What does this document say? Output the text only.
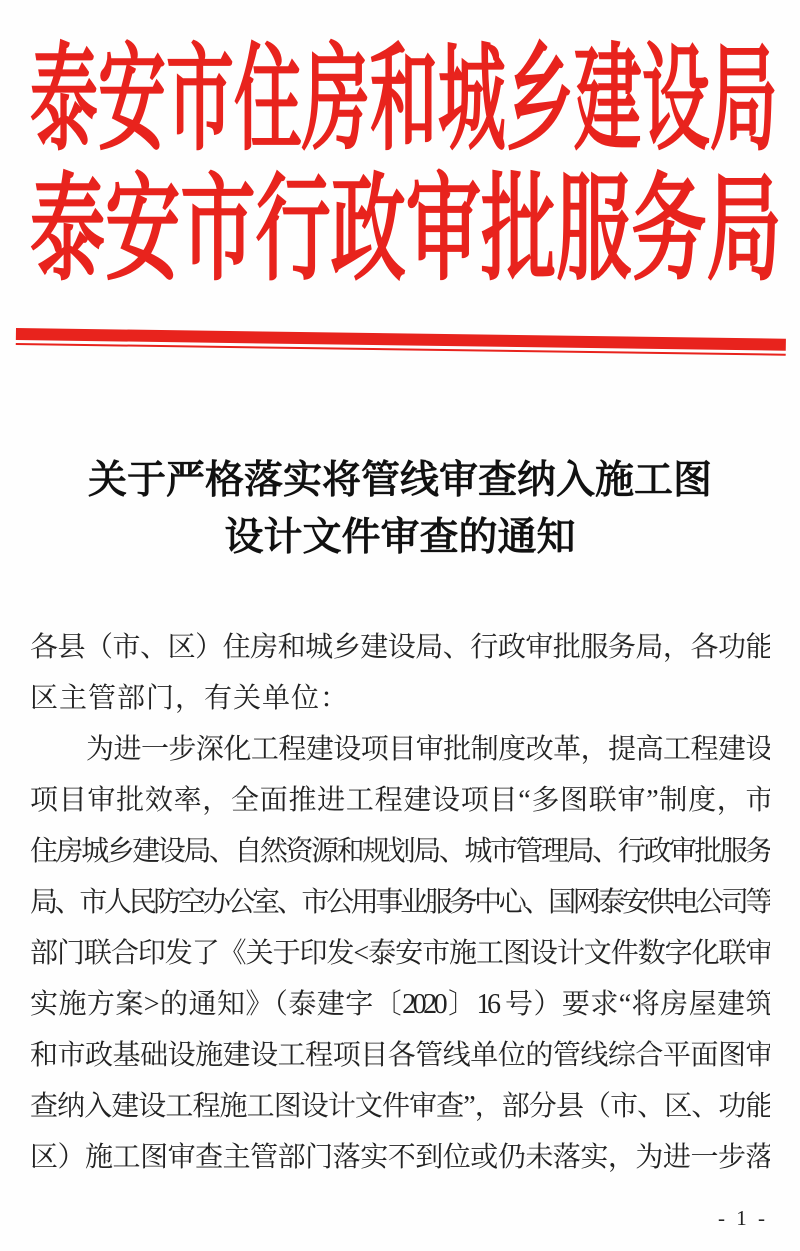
泰安市住房和城乡建设局
泰安市行政审批服务局
关于严格落实将管线审查纳入施工图
设计文件审查的通知
各县（市、区）住房和城乡建设局、行政审批服务局，各功能
区主管部门，有关单位：
为进一步深化工程建设项目审批制度改革，提高工程建设
项目审批效率，全面推进工程建设项目“多图联审”制度，市
住房城乡建设局、自然资源和规划局、城市管理局、行政审批服务
局、市人民防空办公室、市公用事业服务中心、国网泰安供电公司等
部门联合印发了《关于印发<泰安市施工图设计文件数字化联审
实施方案>的通知》（泰建字〔2020〕16 号）要求“将房屋建筑
和市政基础设施建设工程项目各管线单位的管线综合平面图审
查纳入建设工程施工图设计文件审查”，部分县（市、区、功能
区）施工图审查主管部门落实不到位或仍未落实，为进一步落
- 1 -
